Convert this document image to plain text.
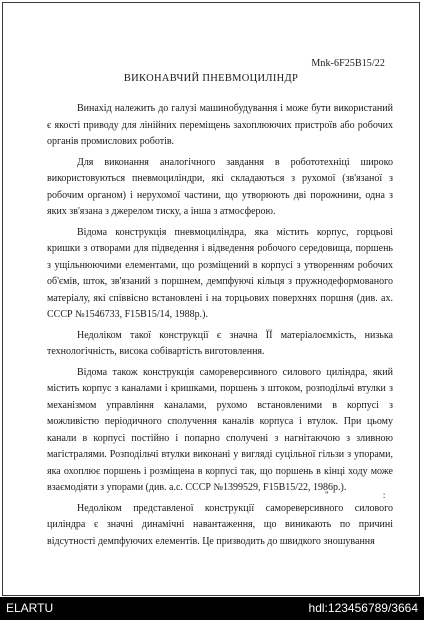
Mnk-6F25B15/22
ВИКОНАВЧИЙ ПНЕВМОЦИЛІНДР

Винахід належить до галузі машинобудування і може бути використаний є якості приводу для лінійних переміщень захоплюючих пристроїв або робочих органів промислових роботів.

Для виконання аналогічного завдання в робототехніці широко використовуються пневмоциліндри, які складаються з рухомої (зв'язаної з робочим органом) і нерухомої частини, що утворюють дві порожнини, одна з яких зв'язана з джерелом тиску, а інша з атмосферою.

Відома конструкція пневмоциліндра, яка містить корпус, горцьові кришки з отворами для підведення і відведення робочого середовища, поршень з ущільнюючими елементами, що розміщений в корпусі з утворенням робочих об'ємів, шток, зв'язаний з поршнем, демпфуючі кільця з пружнодеформованого матеріалу, які співвісно встановлені і на торцьових поверхнях поршня (див. ах. СССР №1546733, F15B15/14, 1988р.).

Недоліком такої конструкції є значна ЇЇ матеріалоємкість, низька технологічність, висока собівартість виготовлення.

Відома також конструкція самореверсивного силового циліндра, який містить корпус з каналами і кришками, поршень з штоком, розподільчі втулки з механізмом управління каналами, рухомо встановленими в корпусі з можливістю періодичного сполучення каналів корпуса і втулок. При цьому канали в корпусі постійно і попарно сполучені з нагнітаючою з зливною магістралями. Розподільчі втулки виконані у вигляді суцільної гільзи з упорами, яка охоплює поршень і розміщена в корпусі так, що поршень в кінці ходу може взаємодіяти з упорами (див. а.с. СССР №1399529, F15B15/22, 1986р.).

Недоліком представленої конструкції самореверсивного силового циліндра є значні динамічні навантаження, що виникають по причині відсутності демпфуючих елементів. Це призводить до швидкого зношування

" :
ELARTU	hdl:123456789/3664
